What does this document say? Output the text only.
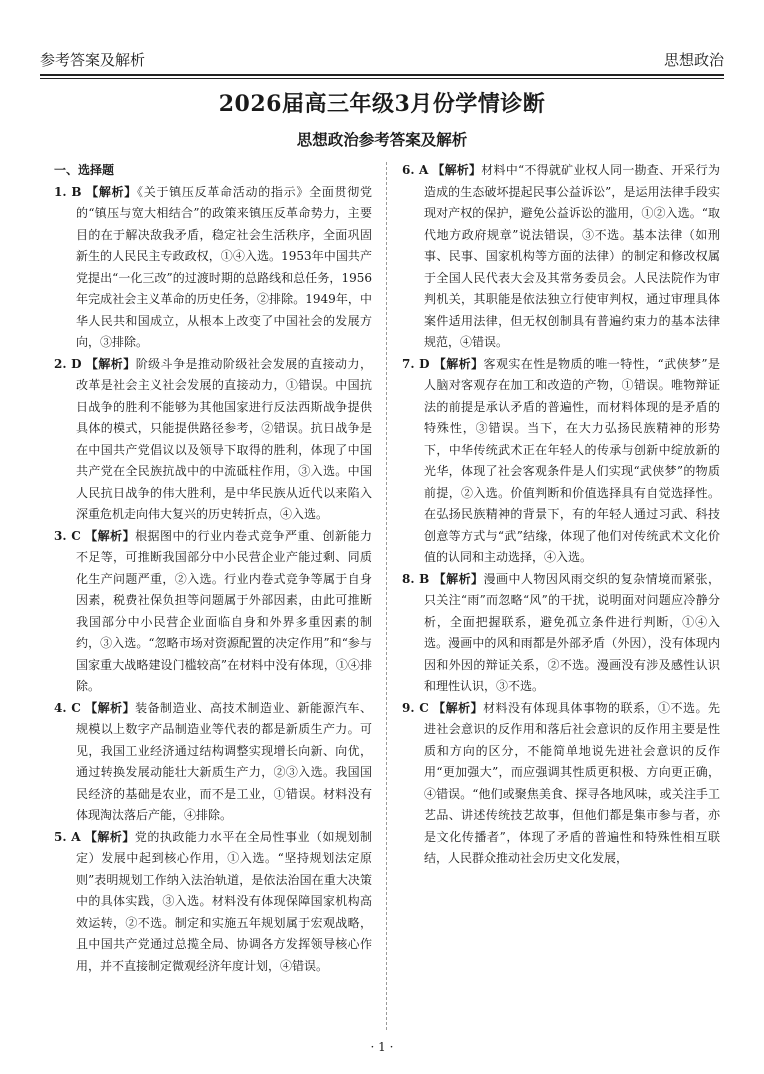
参考答案及解析	思想政治
2026届高三年级3月份学情诊断
思想政治参考答案及解析

一、选择题

1. B 【解析】《关于镇压反革命活动的指示》全面贯彻党的“镇压与宽大相结合”的政策来镇压反革命势力，主要目的在于解决敌我矛盾，稳定社会生活秩序，全面巩固新生的人民民主专政政权，①④入选。1953年中国共产党提出“一化三改”的过渡时期的总路线和总任务，1956年完成社会主义革命的历史任务，②排除。1949年，中华人民共和国成立，从根本上改变了中国社会的发展方向，③排除。

2. D 【解析】阶级斗争是推动阶级社会发展的直接动力，改革是社会主义社会发展的直接动力，①错误。中国抗日战争的胜利不能够为其他国家进行反法西斯战争提供具体的模式，只能提供路径参考，②错误。抗日战争是在中国共产党倡议以及领导下取得的胜利，体现了中国共产党在全民族抗战中的中流砥柱作用，③入选。中国人民抗日战争的伟大胜利，是中华民族从近代以来陷入深重危机走向伟大复兴的历史转折点，④入选。

3. C 【解析】根据图中的行业内卷式竞争严重、创新能力不足等，可推断我国部分中小民营企业产能过剩、同质化生产问题严重，②入选。行业内卷式竞争等属于自身因素，税费社保负担等问题属于外部因素，由此可推断我国部分中小民营企业面临自身和外界多重因素的制约，③入选。“忽略市场对资源配置的决定作用”和“参与国家重大战略建设门槛较高”在材料中没有体现，①④排除。

4. C 【解析】装备制造业、高技术制造业、新能源汽车、规模以上数字产品制造业等代表的都是新质生产力。可见，我国工业经济通过结构调整实现增长向新、向优，通过转换发展动能壮大新质生产力，②③入选。我国国民经济的基础是农业，而不是工业，①错误。材料没有体现淘汰落后产能，④排除。

5. A 【解析】党的执政能力水平在全局性事业（如规划制定）发展中起到核心作用，①入选。“坚持规划法定原则”表明规划工作纳入法治轨道，是依法治国在重大决策中的具体实践，③入选。材料没有体现保障国家机构高效运转，②不选。制定和实施五年规划属于宏观战略，且中国共产党通过总揽全局、协调各方发挥领导核心作用，并不直接制定微观经济年度计划，④错误。

6. A 【解析】材料中“不得就矿业权人同一勘查、开采行为造成的生态破坏提起民事公益诉讼”，是运用法律手段实现对产权的保护，避免公益诉讼的滥用，①②入选。“取代地方政府规章”说法错误，③不选。基本法律（如刑事、民事、国家机构等方面的法律）的制定和修改权属于全国人民代表大会及其常务委员会。人民法院作为审判机关，其职能是依法独立行使审判权，通过审理具体案件适用法律，但无权创制具有普遍约束力的基本法律规范，④错误。

7. D 【解析】客观实在性是物质的唯一特性，“武侠梦”是人脑对客观存在加工和改造的产物，①错误。唯物辩证法的前提是承认矛盾的普遍性，而材料体现的是矛盾的特殊性，③错误。当下，在大力弘扬民族精神的形势下，中华传统武术正在年轻人的传承与创新中绽放新的光华，体现了社会客观条件是人们实现“武侠梦”的物质前提，②入选。价值判断和价值选择具有自觉选择性。在弘扬民族精神的背景下，有的年轻人通过习武、科技创意等方式与“武”结缘，体现了他们对传统武术文化价值的认同和主动选择，④入选。

8. B 【解析】漫画中人物因风雨交织的复杂情境而紧张，只关注“雨”而忽略“风”的干扰，说明面对问题应冷静分析，全面把握联系，避免孤立条件进行判断，①④入选。漫画中的风和雨都是外部矛盾（外因），没有体现内因和外因的辩证关系，②不选。漫画没有涉及感性认识和理性认识，③不选。

9. C 【解析】材料没有体现具体事物的联系，①不选。先进社会意识的反作用和落后社会意识的反作用主要是性质和方向的区分，不能简单地说先进社会意识的反作用“更加强大”，而应强调其性质更积极、方向更正确，④错误。“他们或聚焦美食、探寻各地风味，或关注手工艺品、讲述传统技艺故事，但他们都是集市参与者，亦是文化传播者”，体现了矛盾的普遍性和特殊性相互联结，人民群众推动社会历史文化发展，

· 1 ·
